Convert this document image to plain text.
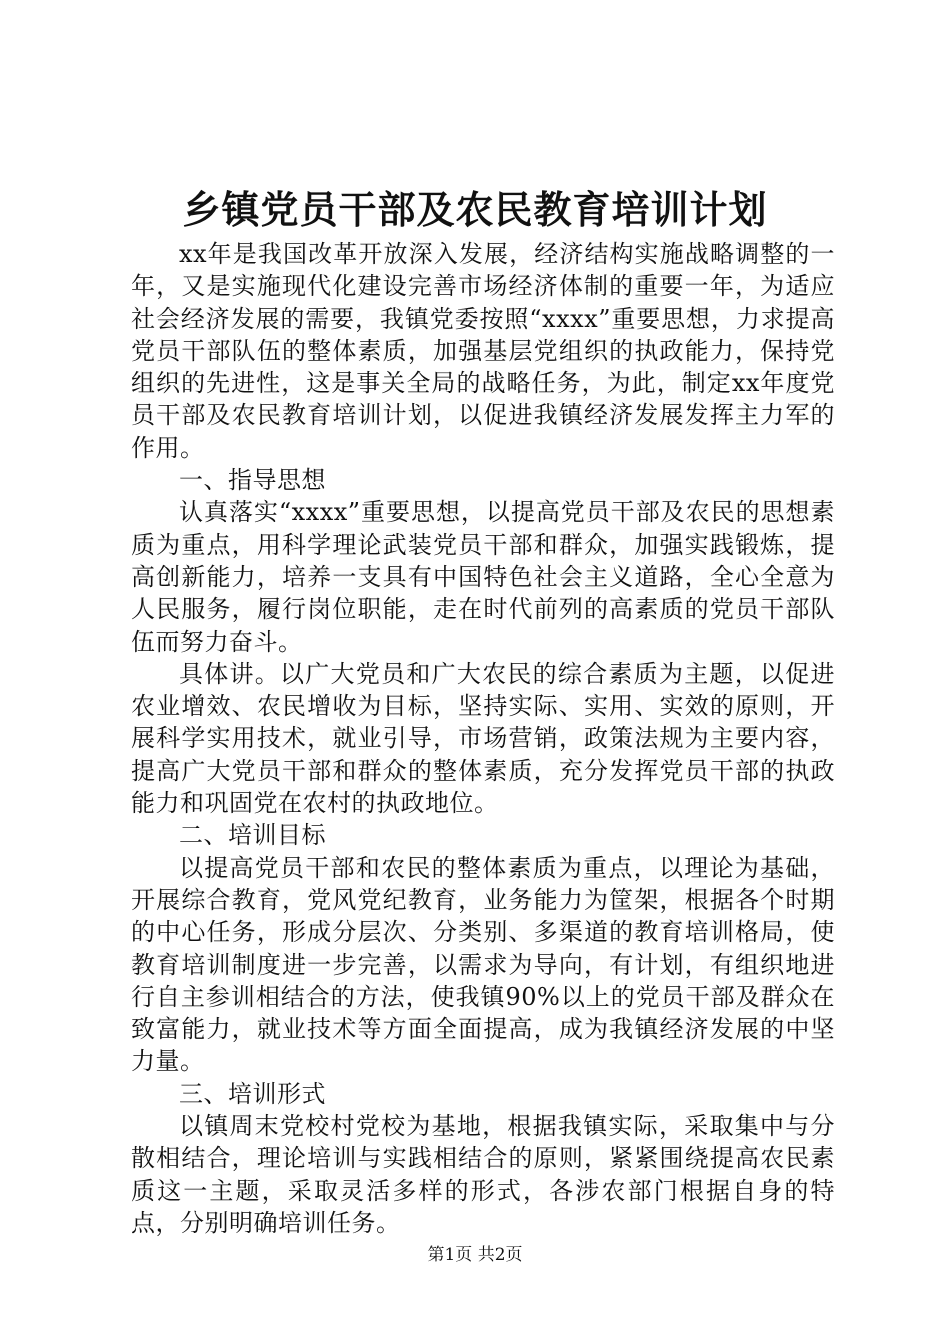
乡镇党员干部及农民教育培训计划

xx年是我国改革开放深入发展，经济结构实施战略调整的一年，又是实施现代化建设完善市场经济体制的重要一年，为适应社会经济发展的需要，我镇党委按照“xxxx”重要思想，力求提高党员干部队伍的整体素质，加强基层党组织的执政能力，保持党组织的先进性，这是事关全局的战略任务，为此，制定xx年度党员干部及农民教育培训计划，以促进我镇经济发展发挥主力军的作用。

一、指导思想

认真落实“xxxx”重要思想，以提高党员干部及农民的思想素质为重点，用科学理论武装党员干部和群众，加强实践锻炼，提高创新能力，培养一支具有中国特色社会主义道路，全心全意为人民服务，履行岗位职能，走在时代前列的高素质的党员干部队伍而努力奋斗。

具体讲。以广大党员和广大农民的综合素质为主题，以促进农业增效、农民增收为目标，坚持实际、实用、实效的原则，开展科学实用技术，就业引导，市场营销，政策法规为主要内容，提高广大党员干部和群众的整体素质，充分发挥党员干部的执政能力和巩固党在农村的执政地位。

二、培训目标

以提高党员干部和农民的整体素质为重点，以理论为基础，开展综合教育，党风党纪教育，业务能力为筐架，根据各个时期的中心任务，形成分层次、分类别、多渠道的教育培训格局，使教育培训制度进一步完善，以需求为导向，有计划，有组织地进行自主参训相结合的方法，使我镇90%以上的党员干部及群众在致富能力，就业技术等方面全面提高，成为我镇经济发展的中坚力量。

三、培训形式

以镇周末党校村党校为基地，根据我镇实际，采取集中与分散相结合，理论培训与实践相结合的原则，紧紧围绕提高农民素质这一主题，采取灵活多样的形式，各涉农部门根据自身的特点，分别明确培训任务。

第1页 共2页
